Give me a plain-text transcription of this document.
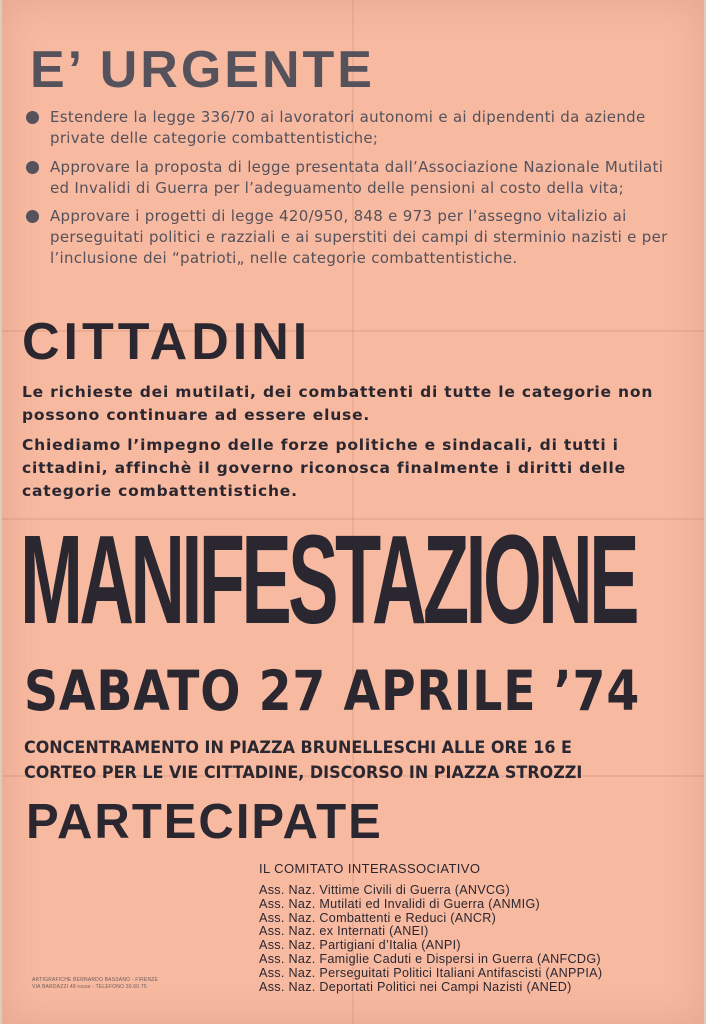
E’ URGENTE
Estendere la legge 336/70 ai lavoratori autonomi e ai dipendenti da aziende private delle categorie combattentistiche;
Approvare la proposta di legge presentata dall’Associazione Nazionale Mutilati ed Invalidi di Guerra per l’adeguamento delle pensioni al costo della vita;
Approvare i progetti di legge 420/950, 848 e 973 per l’assegno vitalizio ai perseguitati politici e razziali e ai superstiti dei campi di sterminio nazisti e per l’inclusione dei “patrioti„ nelle categorie combattentistiche.
CITTADINI

Le richieste dei mutilati, dei combattenti di tutte le categorie non possono continuare ad essere eluse.

Chiediamo l’impegno delle forze politiche e sindacali, di tutti i cittadini, affinchè il governo riconosca finalmente i diritti delle categorie combattentistiche.

MANIFESTAZIONE
SABATO 27 APRILE ’74
CONCENTRAMENTO IN PIAZZA BRUNELLESCHI ALLE ORE 16 E
CORTEO PER LE VIE CITTADINE, DISCORSO IN PIAZZA STROZZI
PARTECIPATE
IL COMITATO INTERASSOCIATIVO
Ass. Naz. Vittime Civili di Guerra (ANVCG)
Ass. Naz. Mutilati ed Invalidi di Guerra (ANMIG)
Ass. Naz. Combattenti e Reduci (ANCR)
Ass. Naz. ex Internati (ANEI)
Ass. Naz. Partigiani d’Italia (ANPI)
Ass. Naz. Famiglie Caduti e Dispersi in Guerra (ANFCDG)
Ass. Naz. Perseguitati Politici Italiani Antifascisti (ANPPIA)
Ass. Naz. Deportati Politici nei Campi Nazisti (ANED)
ARTIGRAFICHE BERNARDO BASSANO - FIRENZE
VIA BARDAZZI 48 rosso - TELEFONO 30.60.75
